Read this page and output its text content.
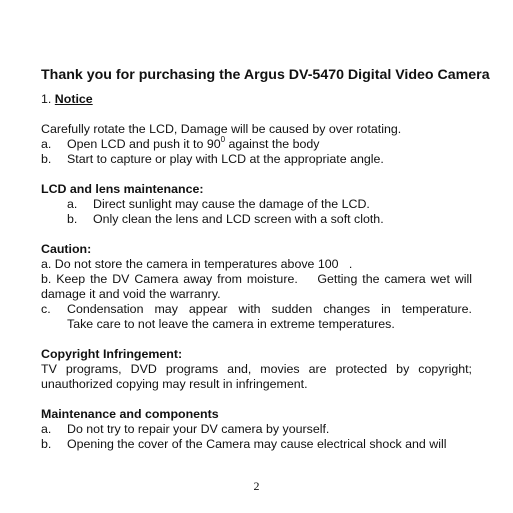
Thank you for purchasing the Argus DV-5470 Digital Video Camera
1. Notice

Carefully rotate the LCD, Damage will be caused by over rotating.

a.	Open LCD and push it to $90^0$ against the body
b.	Start to capture or play with LCD at the appropriate angle.

LCD and lens maintenance:

a.	Direct sunlight may cause the damage of the LCD.
b.	Only clean the lens and LCD screen with a soft cloth.

Caution:

a. Do not store the camera in temperatures above 100   .

b. Keep the DV Camera away from moisture.    Getting the camera wet will

damage it and void the warranry.

c.	Condensation may appear with sudden changes in temperature.
Take care to not leave the camera in extreme temperatures.

Copyright Infringement:

TV programs, DVD programs and, movies are protected by copyright;

unauthorized copying may result in infringement.

Maintenance and components

a.	Do not try to repair your DV camera by yourself.
b.	Opening the cover of the Camera may cause electrical shock and will
2
